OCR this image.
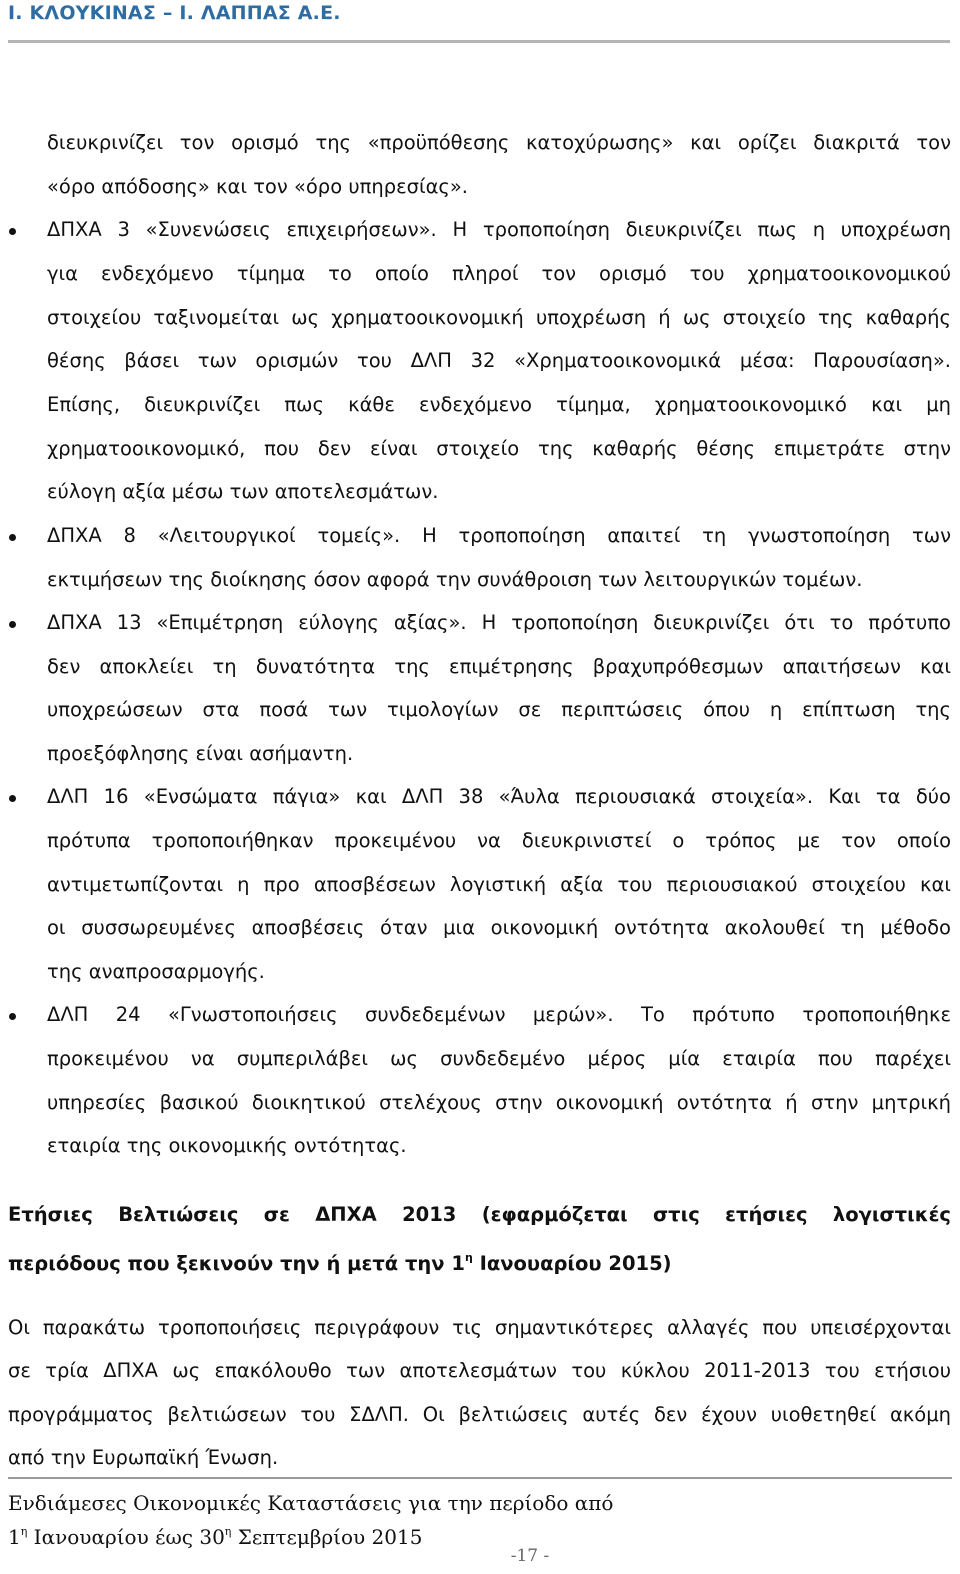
Ι. ΚΛΟΥΚΙΝΑΣ – Ι. ΛΑΠΠΑΣ Α.Ε.
διευκρινίζει τον ορισμό της «προϋπόθεσης κατοχύρωσης» και ορίζει διακριτά τον
«όρο απόδοσης» και τον «όρο υπηρεσίας».
ΔΠΧΑ 3 «Συνενώσεις επιχειρήσεων». Η τροποποίηση διευκρινίζει πως η υποχρέωση
για ενδεχόμενο τίμημα το οποίο πληροί τον ορισμό του χρηματοοικονομικού
στοιχείου ταξινομείται ως χρηματοοικονομική υποχρέωση ή ως στοιχείο της καθαρής
θέσης βάσει των ορισμών του ΔΛΠ 32 «Χρηματοοικονομικά μέσα: Παρουσίαση».
Επίσης, διευκρινίζει πως κάθε ενδεχόμενο τίμημα, χρηματοοικονομικό και μη
χρηματοοικονομικό, που δεν είναι στοιχείο της καθαρής θέσης επιμετράτε στην
εύλογη αξία μέσω των αποτελεσμάτων.
ΔΠΧΑ 8 «Λειτουργικοί τομείς». Η τροποποίηση απαιτεί τη γνωστοποίηση των
εκτιμήσεων της διοίκησης όσον αφορά την συνάθροιση των λειτουργικών τομέων.
ΔΠΧΑ 13 «Επιμέτρηση εύλογης αξίας». Η τροποποίηση διευκρινίζει ότι το πρότυπο
δεν αποκλείει τη δυνατότητα της επιμέτρησης βραχυπρόθεσμων απαιτήσεων και
υποχρεώσεων στα ποσά των τιμολογίων σε περιπτώσεις όπου η επίπτωση της
προεξόφλησης είναι ασήμαντη.
ΔΛΠ 16 «Ενσώματα πάγια» και ΔΛΠ 38 «Άυλα περιουσιακά στοιχεία». Και τα δύο
πρότυπα τροποποιήθηκαν προκειμένου να διευκρινιστεί ο τρόπος με τον οποίο
αντιμετωπίζονται η προ αποσβέσεων λογιστική αξία του περιουσιακού στοιχείου και
οι συσσωρευμένες αποσβέσεις όταν μια οικονομική οντότητα ακολουθεί τη μέθοδο
της αναπροσαρμογής.
ΔΛΠ 24 «Γνωστοποιήσεις συνδεδεμένων μερών». Το πρότυπο τροποποιήθηκε
προκειμένου να συμπεριλάβει ως συνδεδεμένο μέρος μία εταιρία που παρέχει
υπηρεσίες βασικού διοικητικού στελέχους στην οικονομική οντότητα ή στην μητρική
εταιρία της οικονομικής οντότητας.
Ετήσιες Βελτιώσεις σε ΔΠΧΑ 2013 (εφαρμόζεται στις ετήσιες λογιστικές
περιόδους που ξεκινούν την ή μετά την $1^\eta$ Ιανουαρίου 2015)
Οι παρακάτω τροποποιήσεις περιγράφουν τις σημαντικότερες αλλαγές που υπεισέρχονται
σε τρία ΔΠΧΑ ως επακόλουθο των αποτελεσμάτων του κύκλου 2011-2013 του ετήσιου
προγράμματος βελτιώσεων του ΣΔΛΠ. Οι βελτιώσεις αυτές δεν έχουν υιοθετηθεί ακόμη
από την Ευρωπαϊκή Ένωση.
Ενδιάμεσες Οικονομικές Καταστάσεις για την περίοδο από
$1^\eta$ Ιανουαρίου έως $30^\eta$ Σεπτεμβρίου 2015
-17 -
